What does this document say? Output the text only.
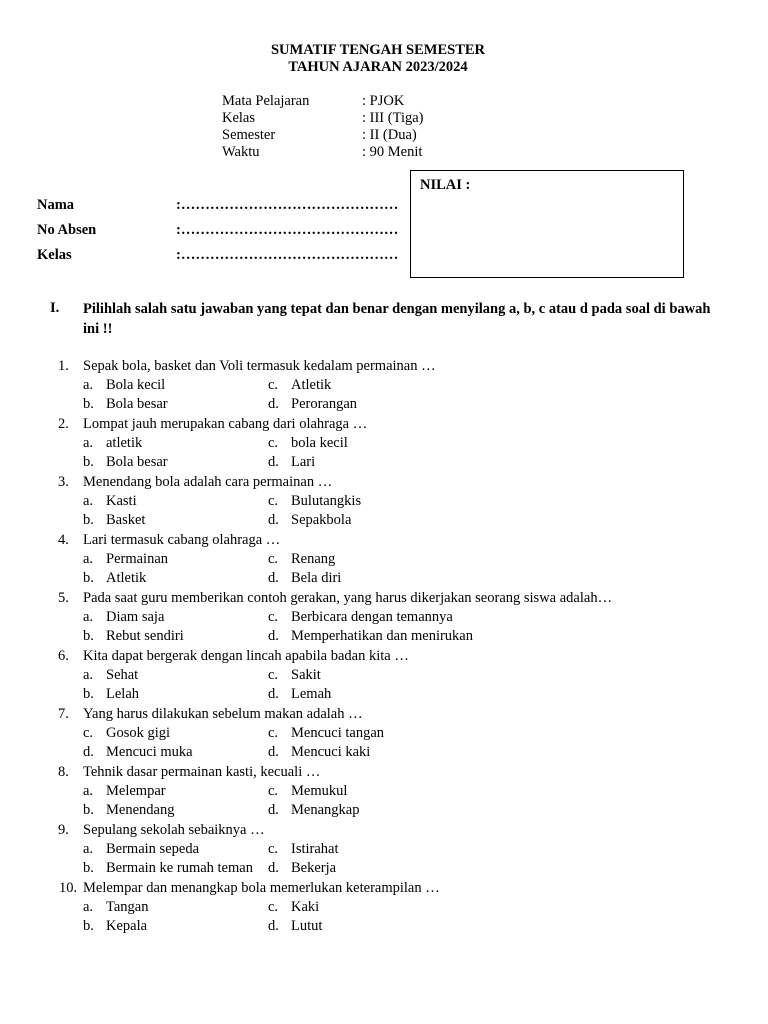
SUMATIF TENGAH SEMESTER
TAHUN AJARAN 2023/2024
Mata Pelajaran	: PJOK
Kelas	: III (Tiga)
Semester	: II (Dua)
Waktu	: 90 Menit
Nama	:………………………………………
No Absen	:………………………………………
Kelas	:………………………………………
NILAI :
I. Pilihlah salah satu jawaban yang tepat dan benar dengan menyilang a, b, c atau d pada soal di bawah ini !!
1. Sepak bola, basket dan Voli termasuk kedalam permainan …
a. Bola kecil	c. Atletik
b. Bola besar	d. Perorangan
2. Lompat jauh merupakan cabang dari olahraga …
a. atletik	c. bola kecil
b. Bola besar	d. Lari
3. Menendang bola adalah cara permainan …
a. Kasti	c. Bulutangkis
b. Basket	d. Sepakbola
4. Lari termasuk cabang olahraga …
a. Permainan	c. Renang
b. Atletik	d. Bela diri
5. Pada saat guru memberikan contoh gerakan, yang harus dikerjakan seorang siswa adalah…
a. Diam saja	c. Berbicara dengan temannya
b. Rebut sendiri	d. Memperhatikan dan menirukan
6. Kita dapat bergerak dengan lincah apabila badan kita …
a. Sehat	c. Sakit
b. Lelah	d. Lemah
7. Yang harus dilakukan sebelum makan adalah …
c. Gosok gigi	c. Mencuci tangan
d. Mencuci muka	d. Mencuci kaki
8. Tehnik dasar permainan kasti, kecuali …
a. Melempar	c. Memukul
b. Menendang	d. Menangkap
9. Sepulang sekolah sebaiknya …
a. Bermain sepeda	c. Istirahat
b. Bermain ke rumah teman d. Bekerja
10. Melempar dan menangkap bola memerlukan keterampilan …
a. Tangan	c. Kaki
b. Kepala	d. Lutut
